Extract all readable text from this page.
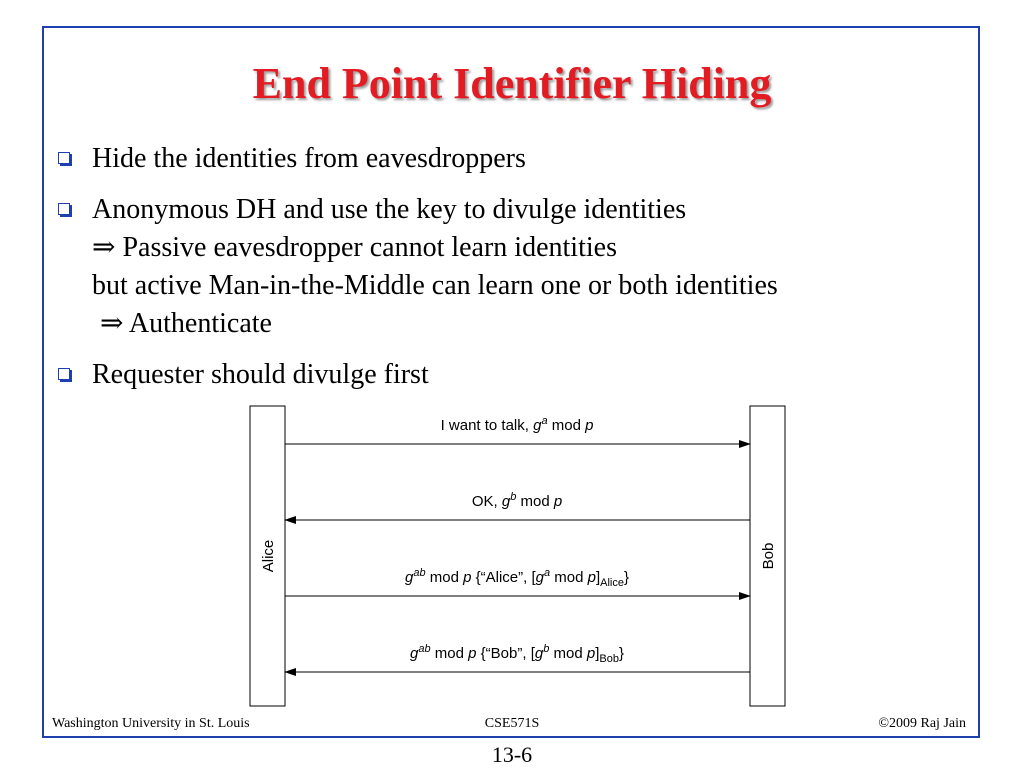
End Point Identifier Hiding
Hide the identities from eavesdroppers
Anonymous DH and use the key to divulge identities
⇒ Passive eavesdropper cannot learn identities
but active Man-in-the-Middle can learn one or both identities
⇒ Authenticate
Requester should divulge first
Alice	Bob
I want to talk, $g^a$ mod p
OK, $g^b$ mod p
$g^{ab}$ mod p {“Alice”, [$g^a$ mod $p]_{Alice}$}
$g^{ab}$ mod p {“Bob”, [$g^b$ mod $p]_{Bob}$}
Washington University in St. Louis	CSE571S	©2009 Raj Jain
13-6
